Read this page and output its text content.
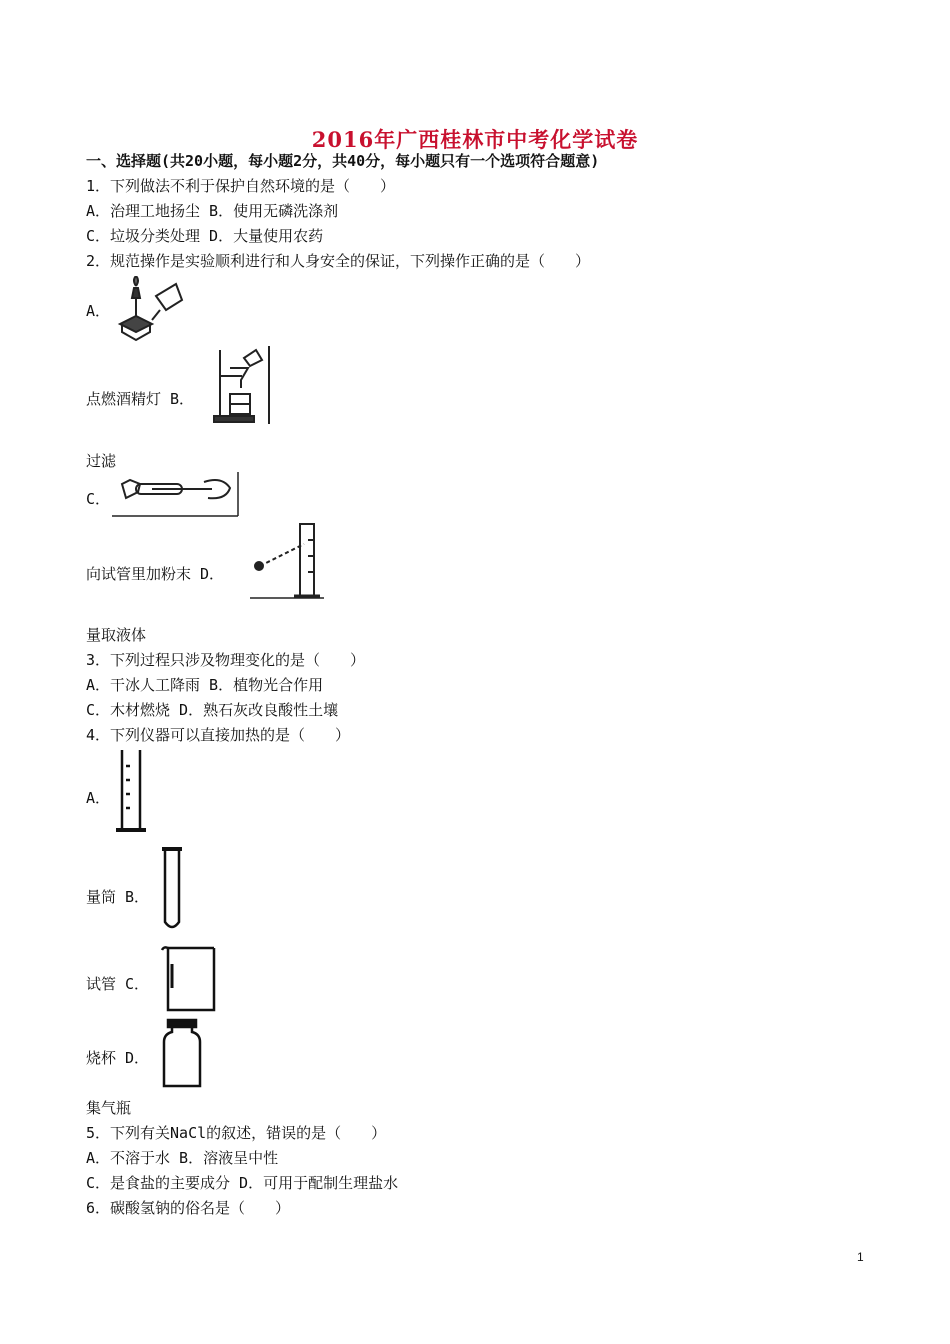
2016年广西桂林市中考化学试卷
一、选择题(共20小题，每小题2分，共40分，每小题只有一个选项符合题意)
1．下列做法不利于保护自然环境的是（　　）
A．治理工地扬尘 B．使用无磷洗涤剂
C．垃圾分类处理 D．大量使用农药
2．规范操作是实验顺利进行和人身安全的保证，下列操作正确的是（　　）
A．
点燃酒精灯 B．
过滤
C．
向试管里加粉末 D．
量取液体
3．下列过程只涉及物理变化的是（　　）
A．干冰人工降雨 B．植物光合作用
C．木材燃烧 D．熟石灰改良酸性土壤
4．下列仪器可以直接加热的是（　　）
A．
量筒 B．
试管 C．
烧杯 D．
集气瓶
5．下列有关NaCl的叙述，错误的是（　　）
A．不溶于水 B．溶液呈中性
C．是食盐的主要成分 D．可用于配制生理盐水
6．碳酸氢钠的俗名是（　　）
1
